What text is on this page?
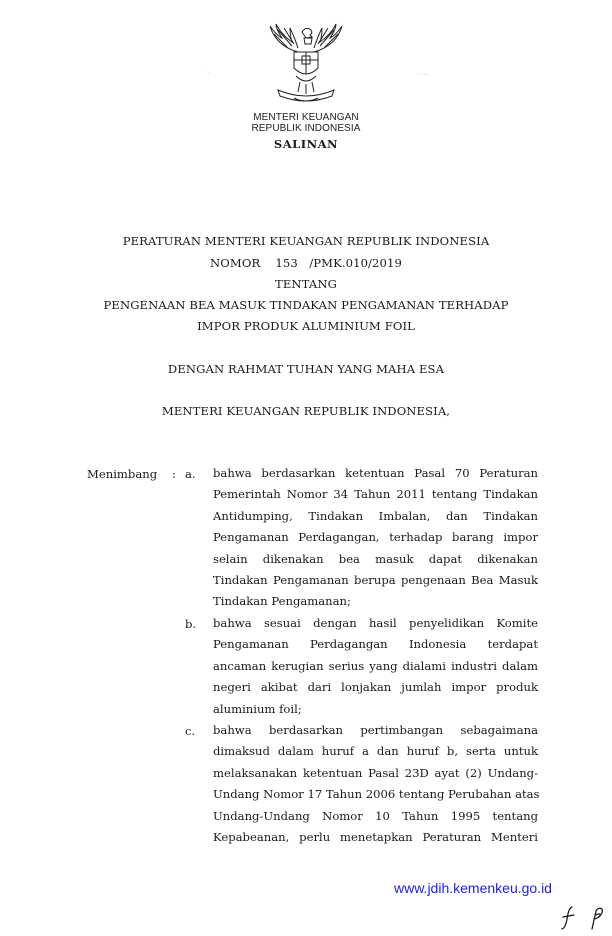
MENTERI KEUANGAN
REPUBLIK INDONESIA
SALINAN
· .	. ....
PERATURAN MENTERI KEUANGAN REPUBLIK INDONESIA
NOMOR    153   /PMK.010/2019
TENTANG
PENGENAAN BEA MASUK TINDAKAN PENGAMANAN TERHADAP
IMPOR PRODUK ALUMINIUM FOIL
DENGAN RAHMAT TUHAN YANG MAHA ESA
MENTERI KEUANGAN REPUBLIK INDONESIA,
Menimbang : a. bahwa berdasarkan ketentuan Pasal 70 Peraturan
Pemerintah Nomor 34 Tahun 2011 tentang Tindakan
Antidumping, Tindakan Imbalan, dan Tindakan
Pengamanan Perdagangan, terhadap barang impor
selain dikenakan bea masuk dapat dikenakan
Tindakan Pengamanan berupa pengenaan Bea Masuk
Tindakan Pengamanan;
b. bahwa sesuai dengan hasil penyelidikan Komite
Pengamanan Perdagangan Indonesia terdapat
ancaman kerugian serius yang dialami industri dalam
negeri akibat dari lonjakan jumlah impor produk
aluminium foil;
c. bahwa berdasarkan pertimbangan sebagaimana
dimaksud dalam huruf a dan huruf b, serta untuk
melaksanakan ketentuan Pasal 23D ayat (2) Undang-
Undang Nomor 17 Tahun 2006 tentang Perubahan atas
Undang-Undang Nomor 10 Tahun 1995 tentang
Kepabeanan, perlu menetapkan Peraturan Menteri
www.jdih.kemenkeu.go.id
